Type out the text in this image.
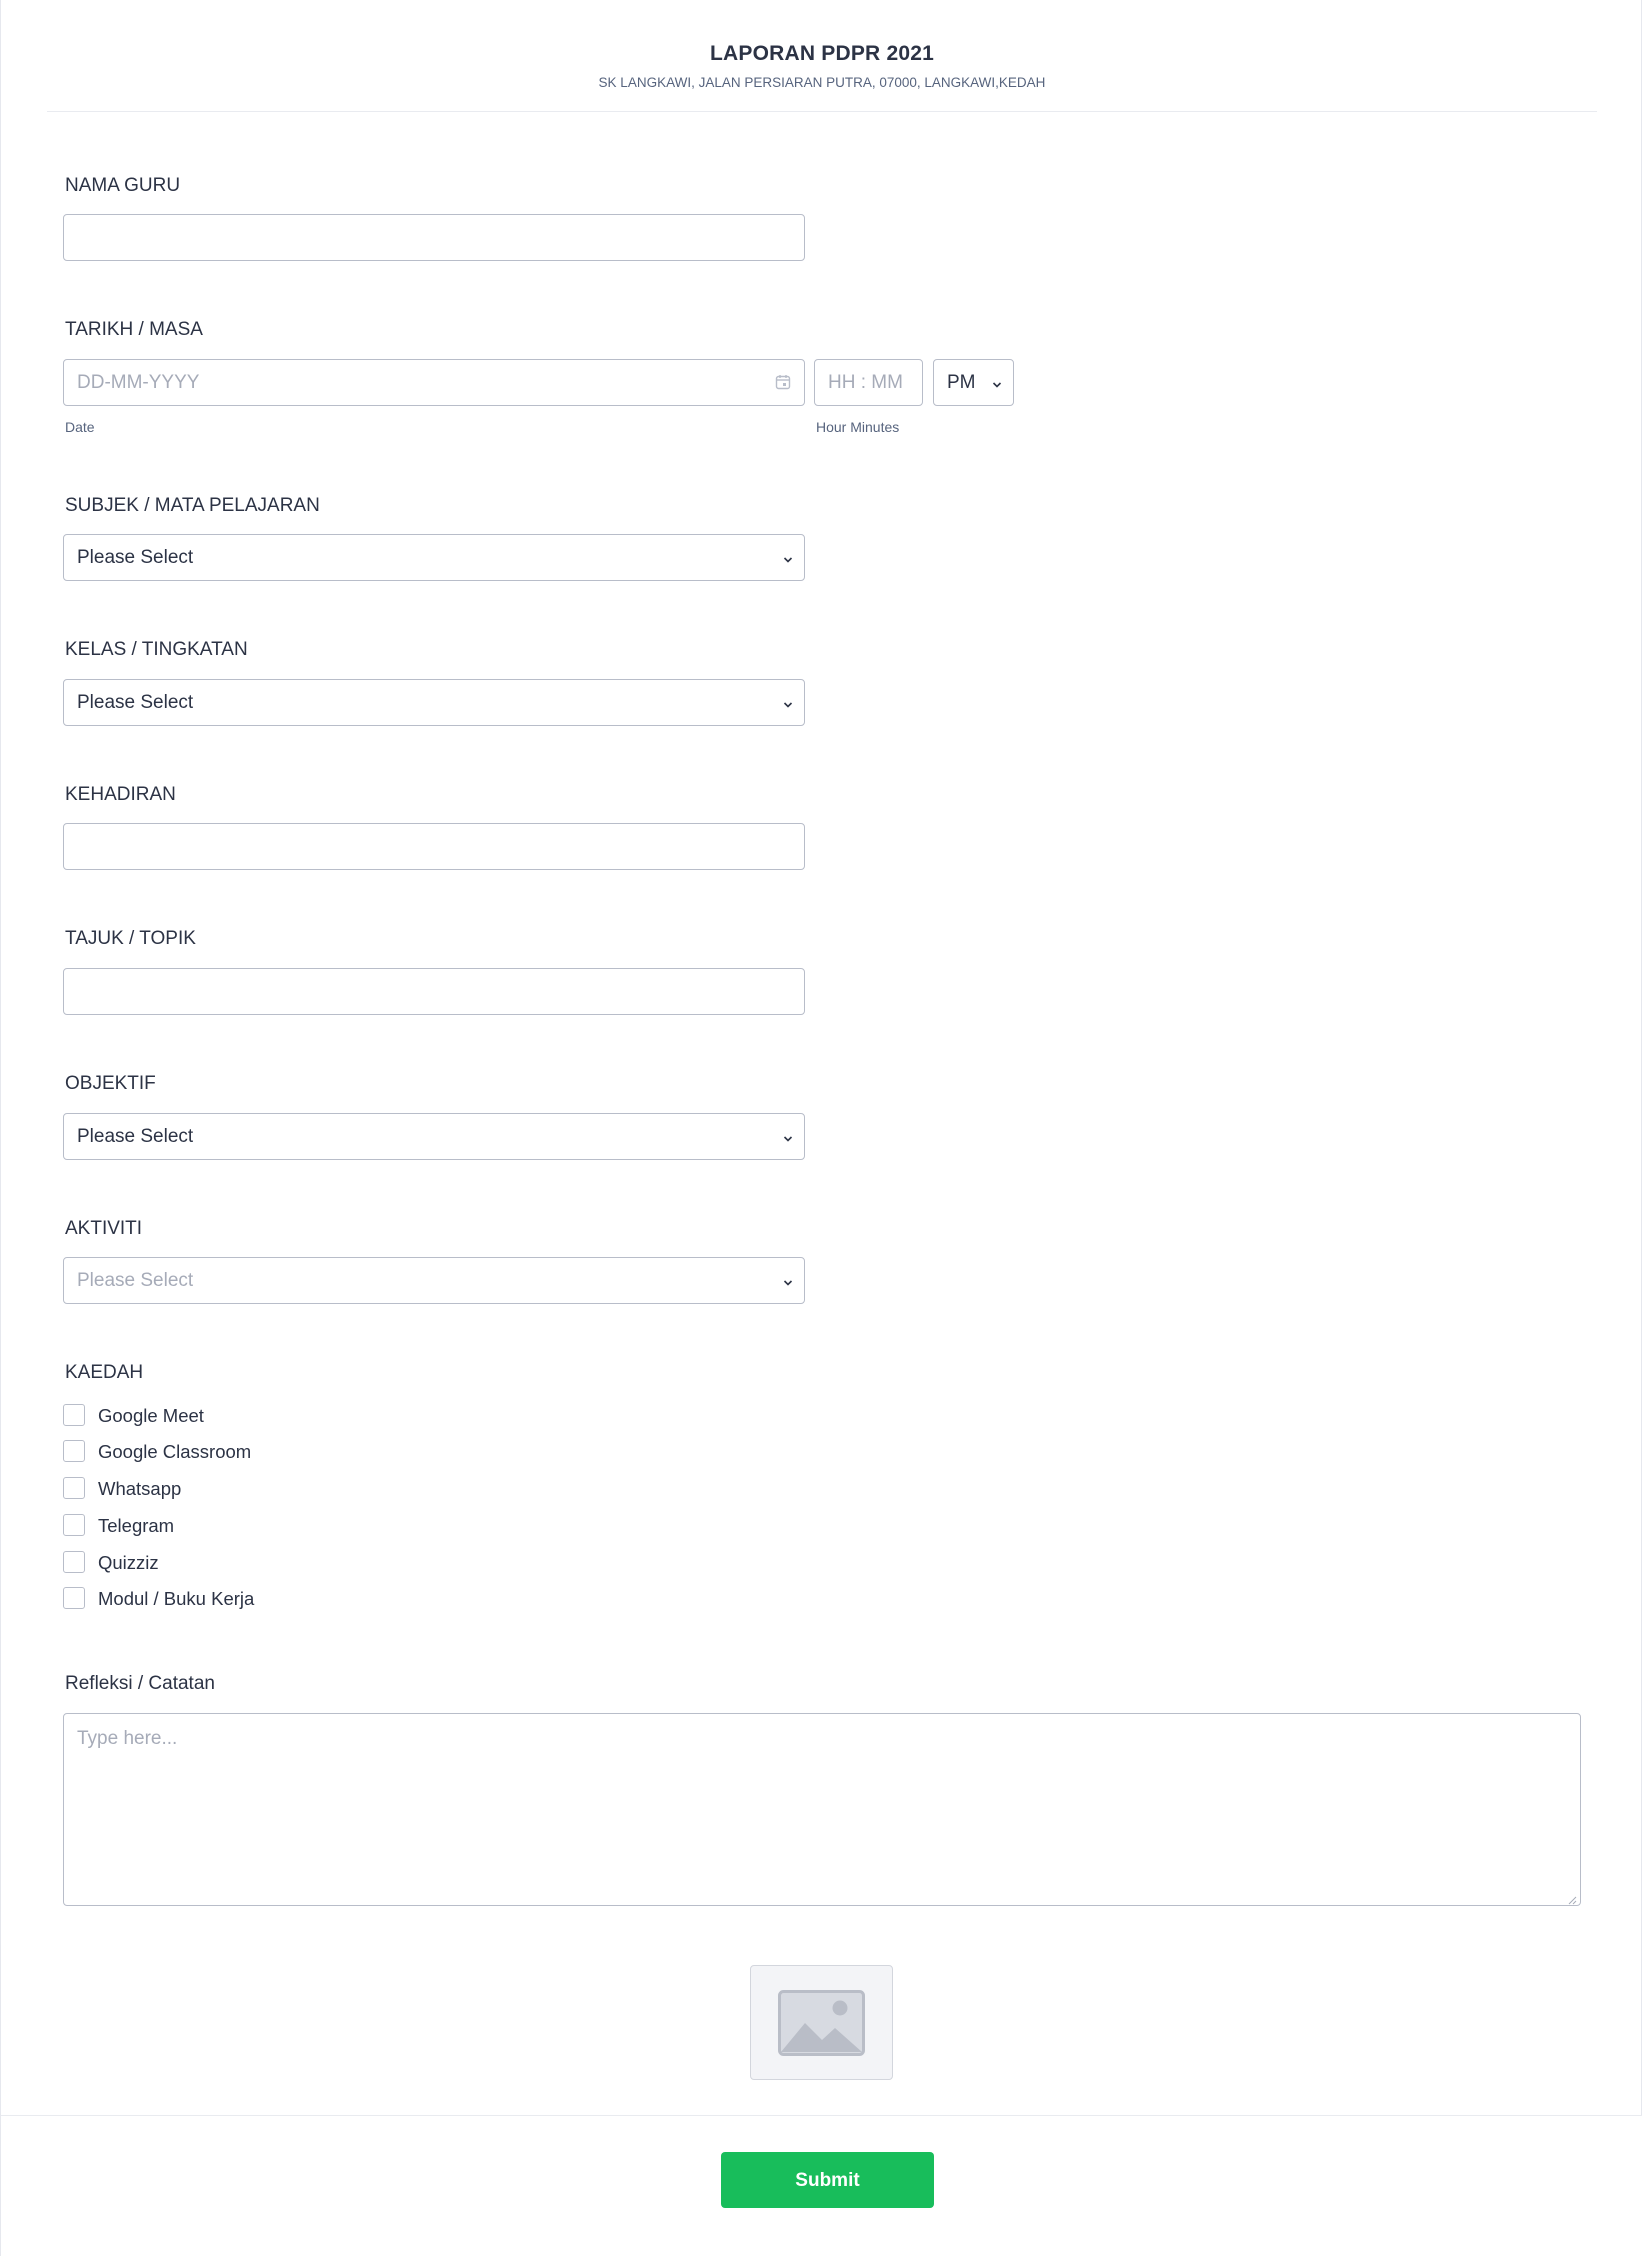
LAPORAN PDPR 2021
SK LANGKAWI, JALAN PERSIARAN PUTRA, 07000, LANGKAWI,KEDAH
NAMA GURU
TARIKH / MASA
DD-MM-YYYY
Date
HH : MM
Hour Minutes
PM
SUBJEK / MATA PELAJARAN
Please Select
KELAS / TINGKATAN
Please Select
KEHADIRAN
TAJUK / TOPIK
OBJEKTIF
Please Select
AKTIVITI
Please Select
KAEDAH
Google Meet
Google Classroom
Whatsapp
Telegram
Quizziz
Modul / Buku Kerja
Refleksi / Catatan
Type here...
Submit
